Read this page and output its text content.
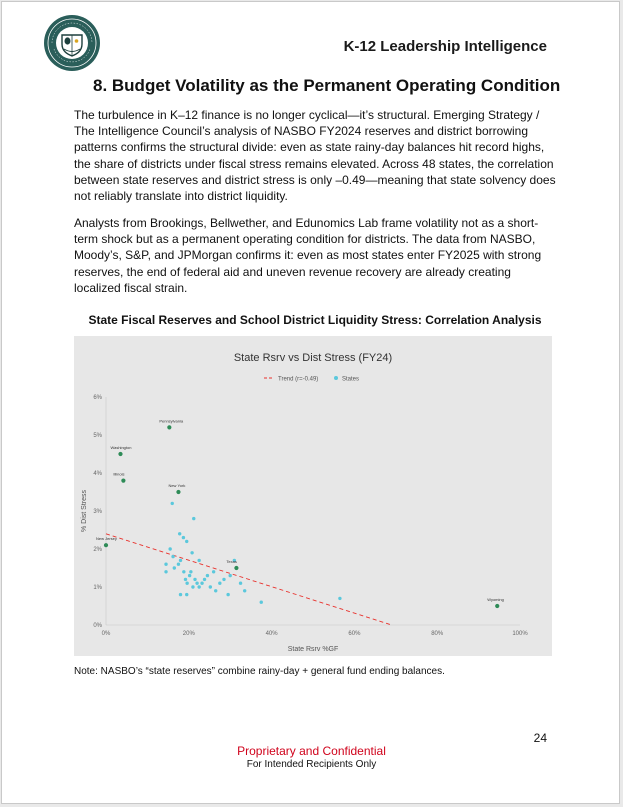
K-12 Leadership Intelligence
8. Budget Volatility as the Permanent Operating Condition

The turbulence in K–12 finance is no longer cyclical—it’s structural. Emerging Strategy / The Intelligence Council’s analysis of NASBO FY2024 reserves and district borrowing patterns confirms the structural divide: even as state rainy-day balances hit record highs, the share of districts under fiscal stress remains elevated. Across 48 states, the correlation between state reserves and district stress is only –0.49—meaning that state solvency does not reliably translate into district liquidity.

Analysts from Brookings, Bellwether, and Edunomics Lab frame volatility not as a short-term shock but as a permanent operating condition for districts. The data from NASBO, Moody’s, S&P, and JPMorgan confirms it: even as most states enter FY2025 with strong reserves, the end of federal aid and uneven revenue recovery are already creating localized fiscal strain.

State Fiscal Reserves and School District Liquidity Stress: Correlation Analysis
State Rsrv vs Dist Stress (FY24)
Trend (r=-0.49)	States
0%	20%	40%	60%	80%	100%
0%
1%
2%
3%
4%
5%
6%
State Rsrv %GF
% Dist Stress
Pennsylvania
Washington
Illinois
New York
New Jersey
Texas
Wyoming
Note: NASBO’s “state reserves” combine rainy-day + general fund ending balances.
24
Proprietary and Confidential
For Intended Recipients Only
